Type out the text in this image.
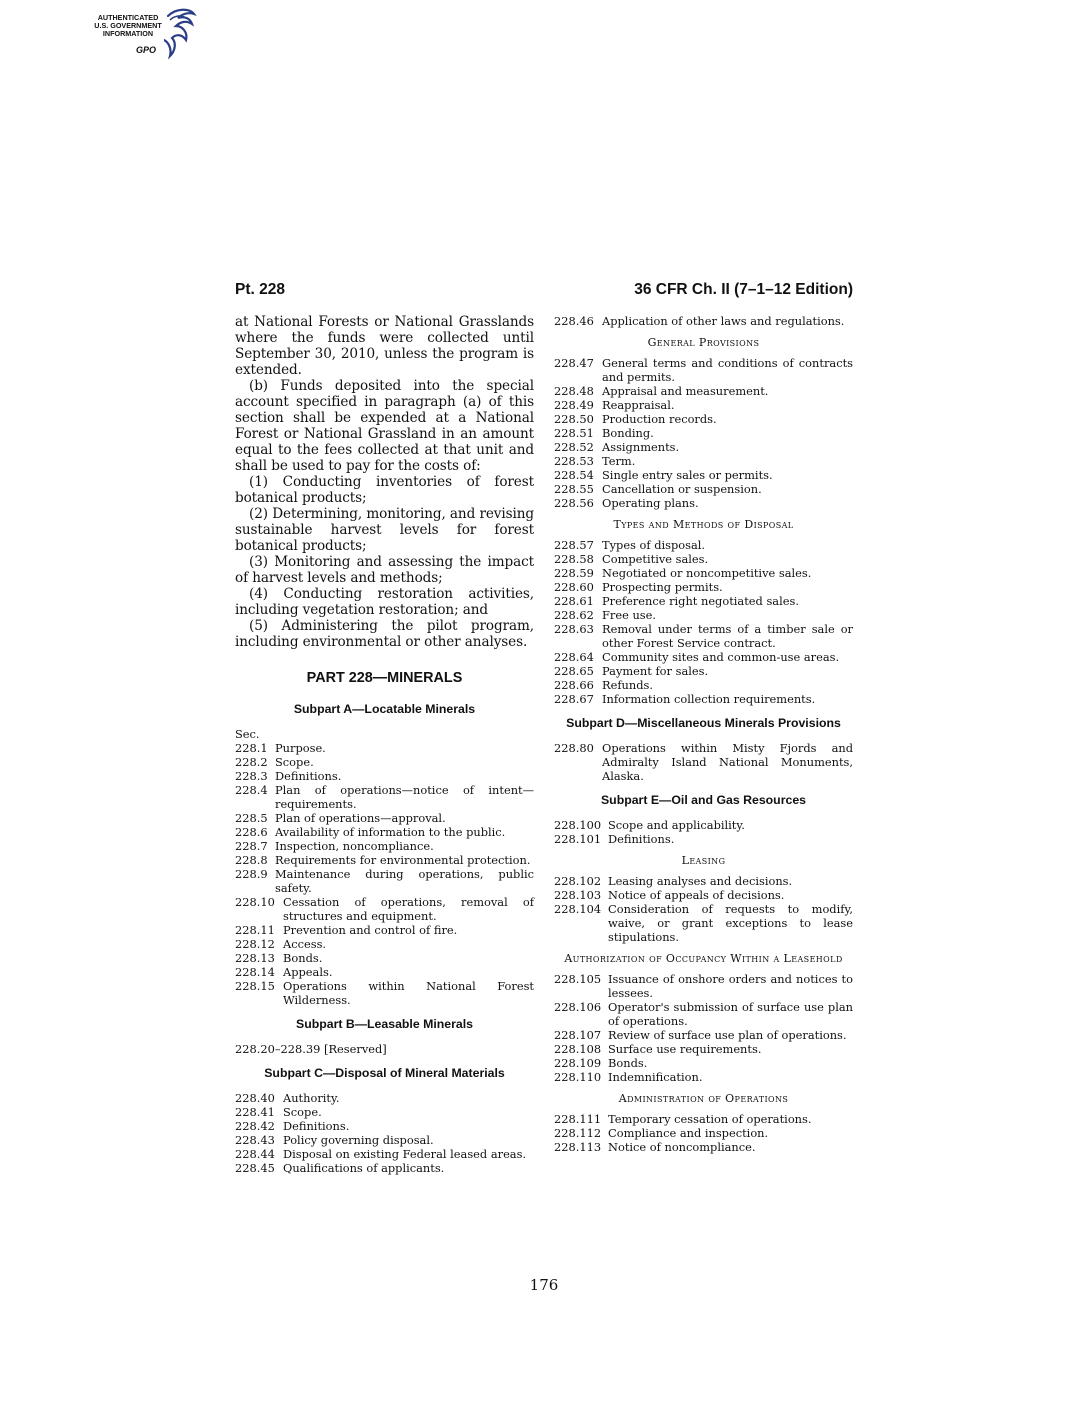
AUTHENTICATED
U.S. GOVERNMENT
INFORMATION
GPO
Pt. 228	36 CFR Ch. II (7–1–12 Edition)

at National Forests or National Grasslands where the funds were collected until September 30, 2010, unless the program is extended.

(b) Funds deposited into the special account specified in paragraph (a) of this section shall be expended at a National Forest or National Grassland in an amount equal to the fees collected at that unit and shall be used to pay for the costs of:

(1) Conducting inventories of forest botanical products;

(2) Determining, monitoring, and revising sustainable harvest levels for forest botanical products;

(3) Monitoring and assessing the impact of harvest levels and methods;

(4) Conducting restoration activities, including vegetation restoration; and

(5) Administering the pilot program, including environmental or other analyses.

PART 228—MINERALS
Subpart A—Locatable Minerals
Sec.
228.1 Purpose.
228.2 Scope.
228.3 Definitions.
228.4 Plan of operations—notice of intent—requirements.
228.5 Plan of operations—approval.
228.6 Availability of information to the public.
228.7 Inspection, noncompliance.
228.8 Requirements for environmental protection.
228.9 Maintenance during operations, public safety.
228.10 Cessation of operations, removal of structures and equipment.
228.11 Prevention and control of fire.
228.12 Access.
228.13 Bonds.
228.14 Appeals.
228.15 Operations within National Forest Wilderness.
Subpart B—Leasable Minerals
228.20–228.39 [Reserved]
Subpart C—Disposal of Mineral Materials
228.40 Authority.
228.41 Scope.
228.42 Definitions.
228.43 Policy governing disposal.
228.44 Disposal on existing Federal leased areas.
228.45 Qualifications of applicants.
228.46 Application of other laws and regulations.
General Provisions
228.47 General terms and conditions of contracts and permits.
228.48 Appraisal and measurement.
228.49 Reappraisal.
228.50 Production records.
228.51 Bonding.
228.52 Assignments.
228.53 Term.
228.54 Single entry sales or permits.
228.55 Cancellation or suspension.
228.56 Operating plans.
Types and Methods of Disposal
228.57 Types of disposal.
228.58 Competitive sales.
228.59 Negotiated or noncompetitive sales.
228.60 Prospecting permits.
228.61 Preference right negotiated sales.
228.62 Free use.
228.63 Removal under terms of a timber sale or other Forest Service contract.
228.64 Community sites and common-use areas.
228.65 Payment for sales.
228.66 Refunds.
228.67 Information collection requirements.
Subpart D—Miscellaneous Minerals Provisions
228.80 Operations within Misty Fjords and Admiralty Island National Monuments, Alaska.
Subpart E—Oil and Gas Resources
228.100 Scope and applicability.
228.101 Definitions.
Leasing
228.102 Leasing analyses and decisions.
228.103 Notice of appeals of decisions.
228.104 Consideration of requests to modify, waive, or grant exceptions to lease stipulations.
Authorization of Occupancy Within a Leasehold
228.105 Issuance of onshore orders and notices to lessees.
228.106 Operator's submission of surface use plan of operations.
228.107 Review of surface use plan of operations.
228.108 Surface use requirements.
228.109 Bonds.
228.110 Indemnification.
Administration of Operations
228.111 Temporary cessation of operations.
228.112 Compliance and inspection.
228.113 Notice of noncompliance.
176
